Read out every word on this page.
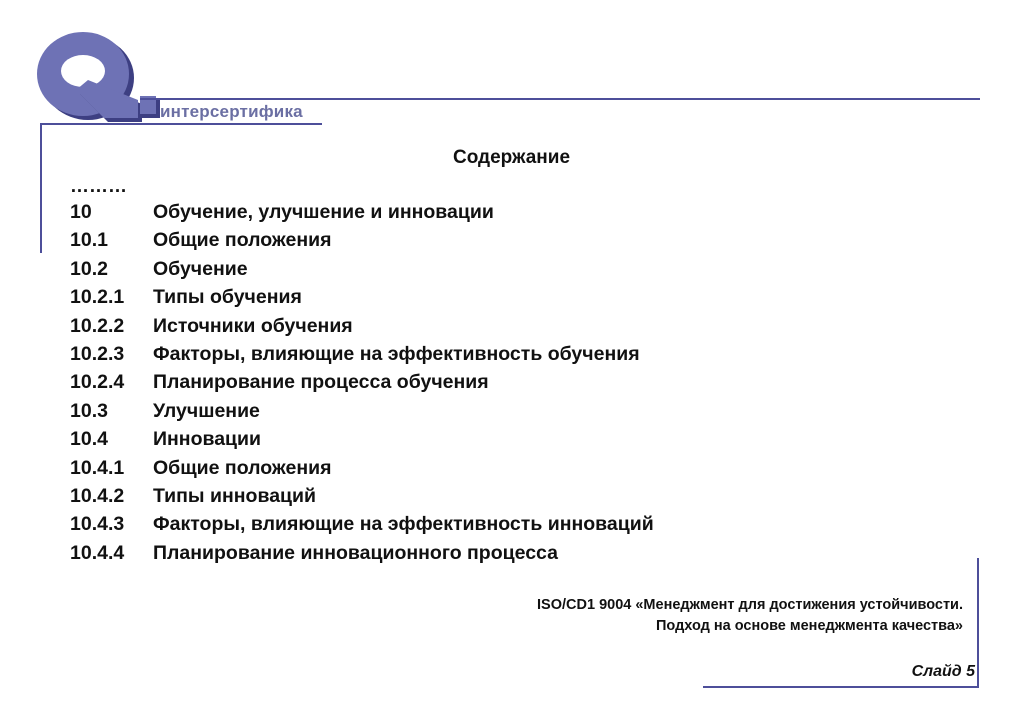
интерсертифика
Содержание
………
10	Обучение, улучшение и инновации
10.1 Общие положения
10.2 Обучение
10.2.1 Типы обучения
10.2.2 Источники обучения
10.2.3 Факторы, влияющие на эффективность обучения
10.2.4 Планирование процесса обучения
10.3 Улучшение
10.4 Инновации
10.4.1 Общие положения
10.4.2 Типы инноваций
10.4.3 Факторы, влияющие на эффективность инноваций
10.4.4 Планирование инновационного процесса
ISO/CD1 9004 «Менеджмент для достижения устойчивости.
Подход на основе менеджмента качества»
Слайд 5
